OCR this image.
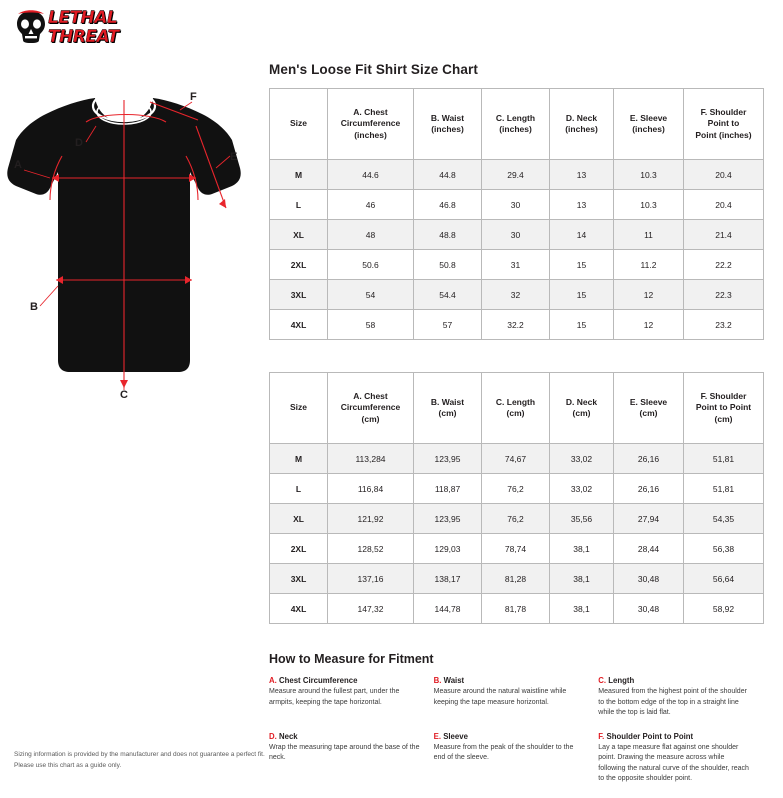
LETHAL
THREAT
A
B
C
D
E
F
Men's Loose Fit Shirt Size Chart
Size	A. Chest
Circumference
(inches)	B. Waist
(inches)	C. Length
(inches)	D. Neck
(inches)	E. Sleeve
(inches)	F. Shoulder
Point to
Point (inches)
M	44.6	44.8	29.4	13	10.3	20.4
L	46	46.8	30	13	10.3	20.4
XL	48	48.8	30	14	11	21.4
2XL	50.6	50.8	31	15	11.2	22.2
3XL	54	54.4	32	15	12	22.3
4XL	58	57	32.2	15	12	23.2
Size	A. Chest
Circumference
(cm)	B. Waist
(cm)	C. Length
(cm)	D. Neck
(cm)	E. Sleeve
(cm)	F. Shoulder
Point to Point
(cm)
M	113,284	123,95	74,67	33,02	26,16	51,81
L	116,84	118,87	76,2	33,02	26,16	51,81
XL	121,92	123,95	76,2	35,56	27,94	54,35
2XL	128,52	129,03	78,74	38,1	28,44	56,38
3XL	137,16	138,17	81,28	38,1	30,48	56,64
4XL	147,32	144,78	81,78	38,1	30,48	58,92
How to Measure for Fitment
A. Chest Circumference
Measure around the fullest part, under the armpits, keeping the tape horizontal.
B. Waist
Measure around the natural waistline while keeping the tape measure horizontal.
C. Length
Measured from the highest point of the shoulder to the bottom edge of the top in a straight line while the top is laid flat.
D. Neck
Wrap the measuring tape around the base of the neck.
E. Sleeve
Measure from the peak of the shoulder to the end of the sleeve.
F. Shoulder Point to Point
Lay a tape measure flat against one shoulder point. Drawing the measure across while following the natural curve of the shoulder, reach to the opposite shoulder point.
Sizing information is provided by the manufacturer and does not guarantee a perfect fit.
Please use this chart as a guide only.
